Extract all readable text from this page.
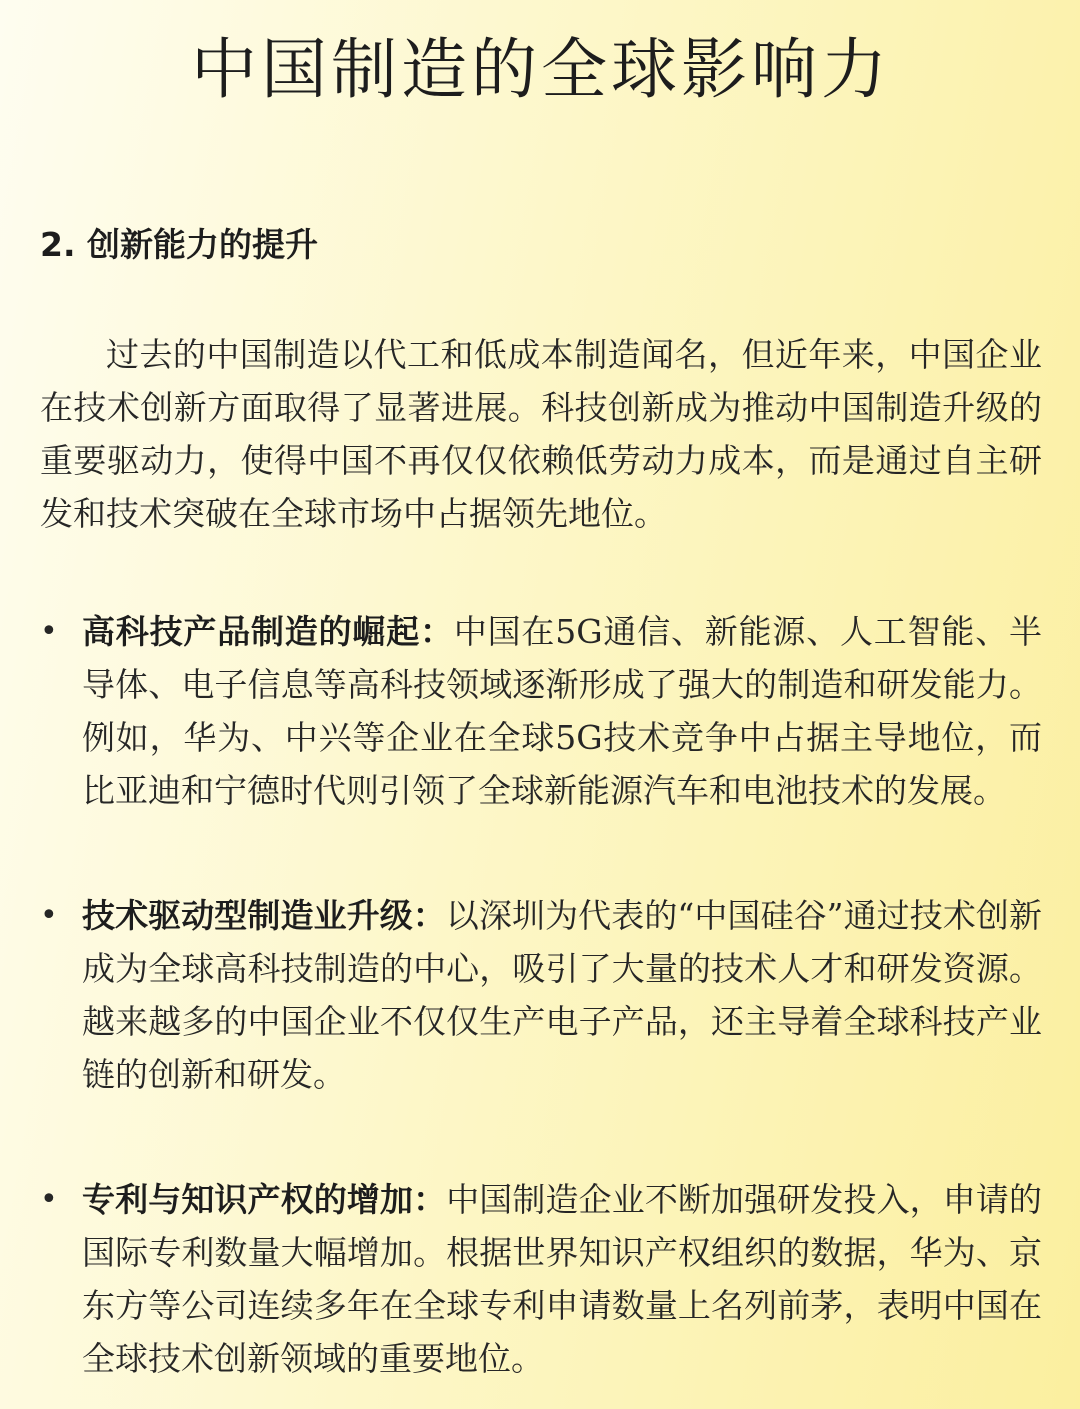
中国制造的全球影响力
2. 创新能力的提升

过去的中国制造以代工和低成本制造闻名，但近年来，中国企业在技术创新方面取得了显著进展。科技创新成为推动中国制造升级的重要驱动力，使得中国不再仅仅依赖低劳动力成本，而是通过自主研发和技术突破在全球市场中占据领先地位。

• 高科技产品制造的崛起：中国在5G通信、新能源、人工智能、半导体、电子信息等高科技领域逐渐形成了强大的制造和研发能力。例如，华为、中兴等企业在全球5G技术竞争中占据主导地位，而比亚迪和宁德时代则引领了全球新能源汽车和电池技术的发展。
• 技术驱动型制造业升级：以深圳为代表的“中国硅谷”通过技术创新成为全球高科技制造的中心，吸引了大量的技术人才和研发资源。越来越多的中国企业不仅仅生产电子产品，还主导着全球科技产业链的创新和研发。
• 专利与知识产权的增加：中国制造企业不断加强研发投入，申请的国际专利数量大幅增加。根据世界知识产权组织的数据，华为、京东方等公司连续多年在全球专利申请数量上名列前茅，表明中国在全球技术创新领域的重要地位。
